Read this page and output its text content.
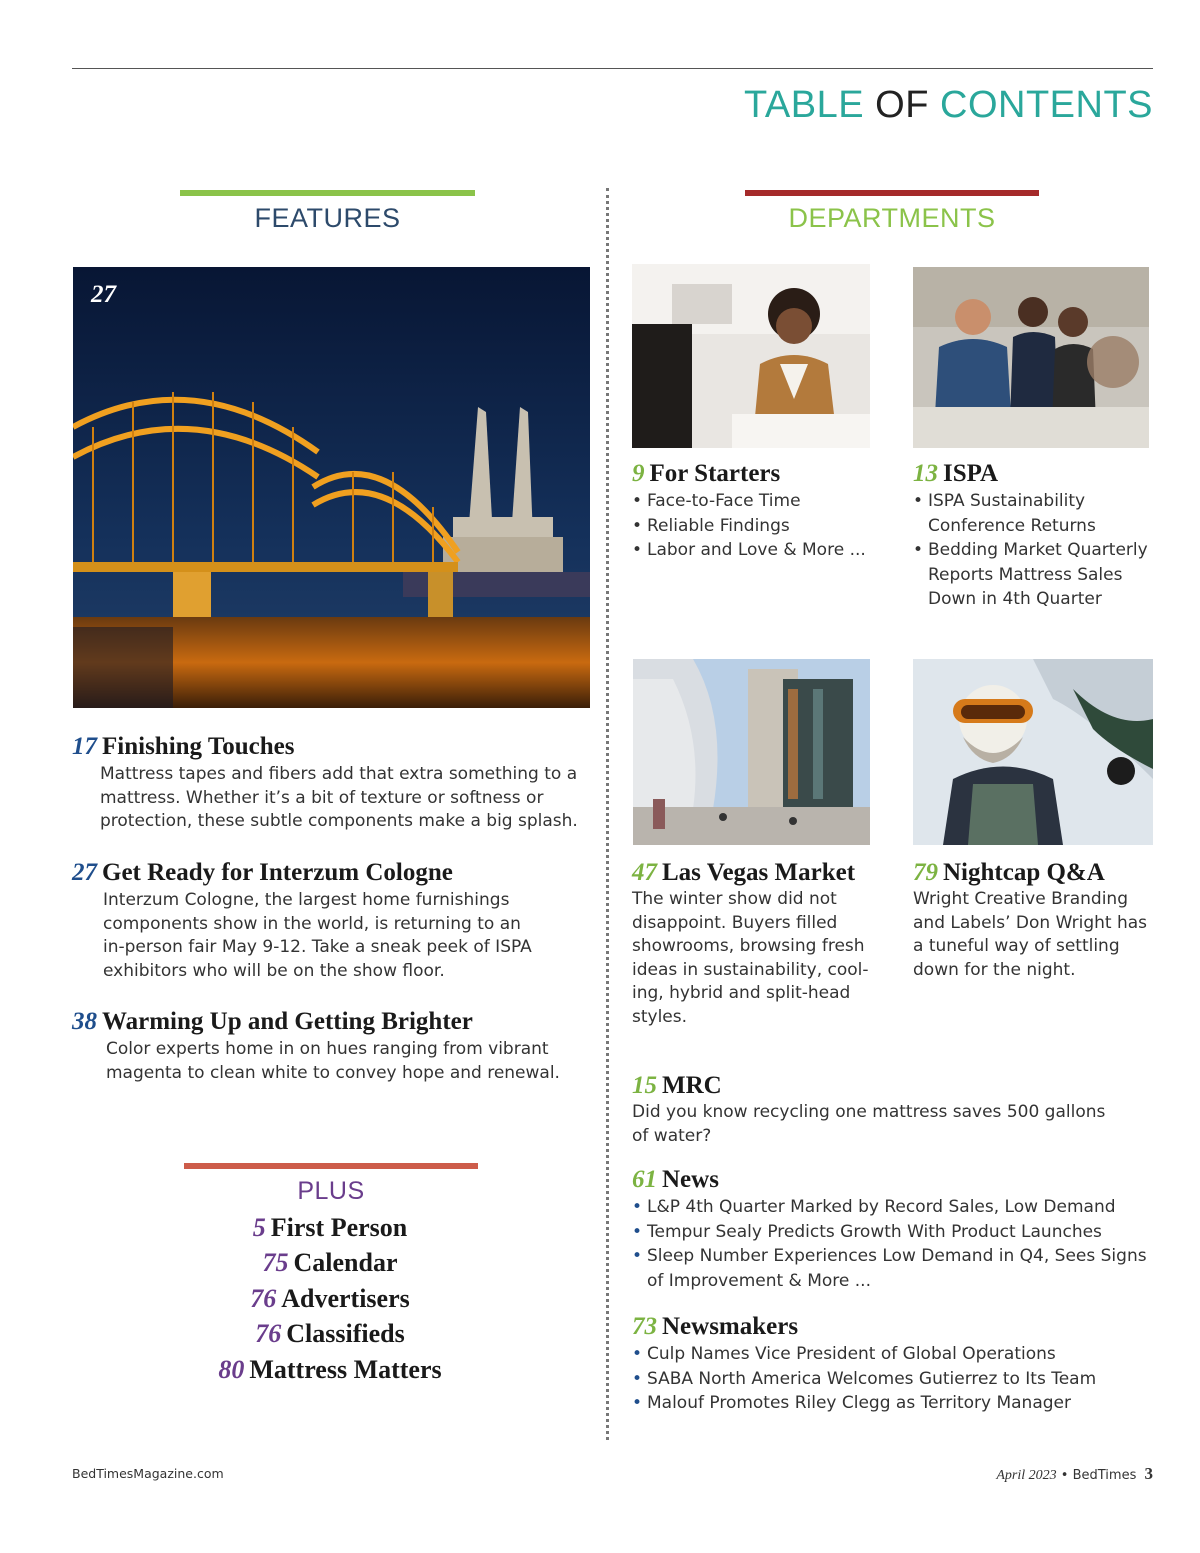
TABLE OF CONTENTS
FEATURES
27
17 Finishing Touches
Mattress tapes and fibers add that extra something to a mattress. Whether it’s a bit of texture or softness or protection, these subtle components make a big splash.
27 Get Ready for Interzum Cologne
Interzum Cologne, the largest home furnishings components show in the world, is returning to an in-person fair May 9-12. Take a sneak peek of ISPA exhibitors who will be on the show floor.
38 Warming Up and Getting Brighter
Color experts home in on hues ranging from vibrant magenta to clean white to convey hope and renewal.
PLUS
5 First Person
75 Calendar
76 Advertisers
76 Classifieds
80 Mattress Matters
DEPARTMENTS
9 For Starters
• Face-to-Face Time
• Reliable Findings
• Labor and Love & More ...
13 ISPA
• ISPA Sustainability Conference Returns
• Bedding Market Quarterly Reports Mattress Sales Down in 4th Quarter
47 Las Vegas Market
The winter show did not disappoint. Buyers filled showrooms, browsing fresh ideas in sustainability, cool-ing, hybrid and split-head styles.
79 Nightcap Q&A
Wright Creative Branding and Labels’ Don Wright has a tuneful way of settling down for the night.
15 MRC
Did you know recycling one mattress saves 500 gallons of water?
61 News
• L&P 4th Quarter Marked by Record Sales, Low Demand
• Tempur Sealy Predicts Growth With Product Launches
• Sleep Number Experiences Low Demand in Q4, Sees Signs of Improvement & More ...
73 Newsmakers
• Culp Names Vice President of Global Operations
• SABA North America Welcomes Gutierrez to Its Team
• Malouf Promotes Riley Clegg as Territory Manager
BedTimesMagazine.com	April 2023 • BedTimes 3
